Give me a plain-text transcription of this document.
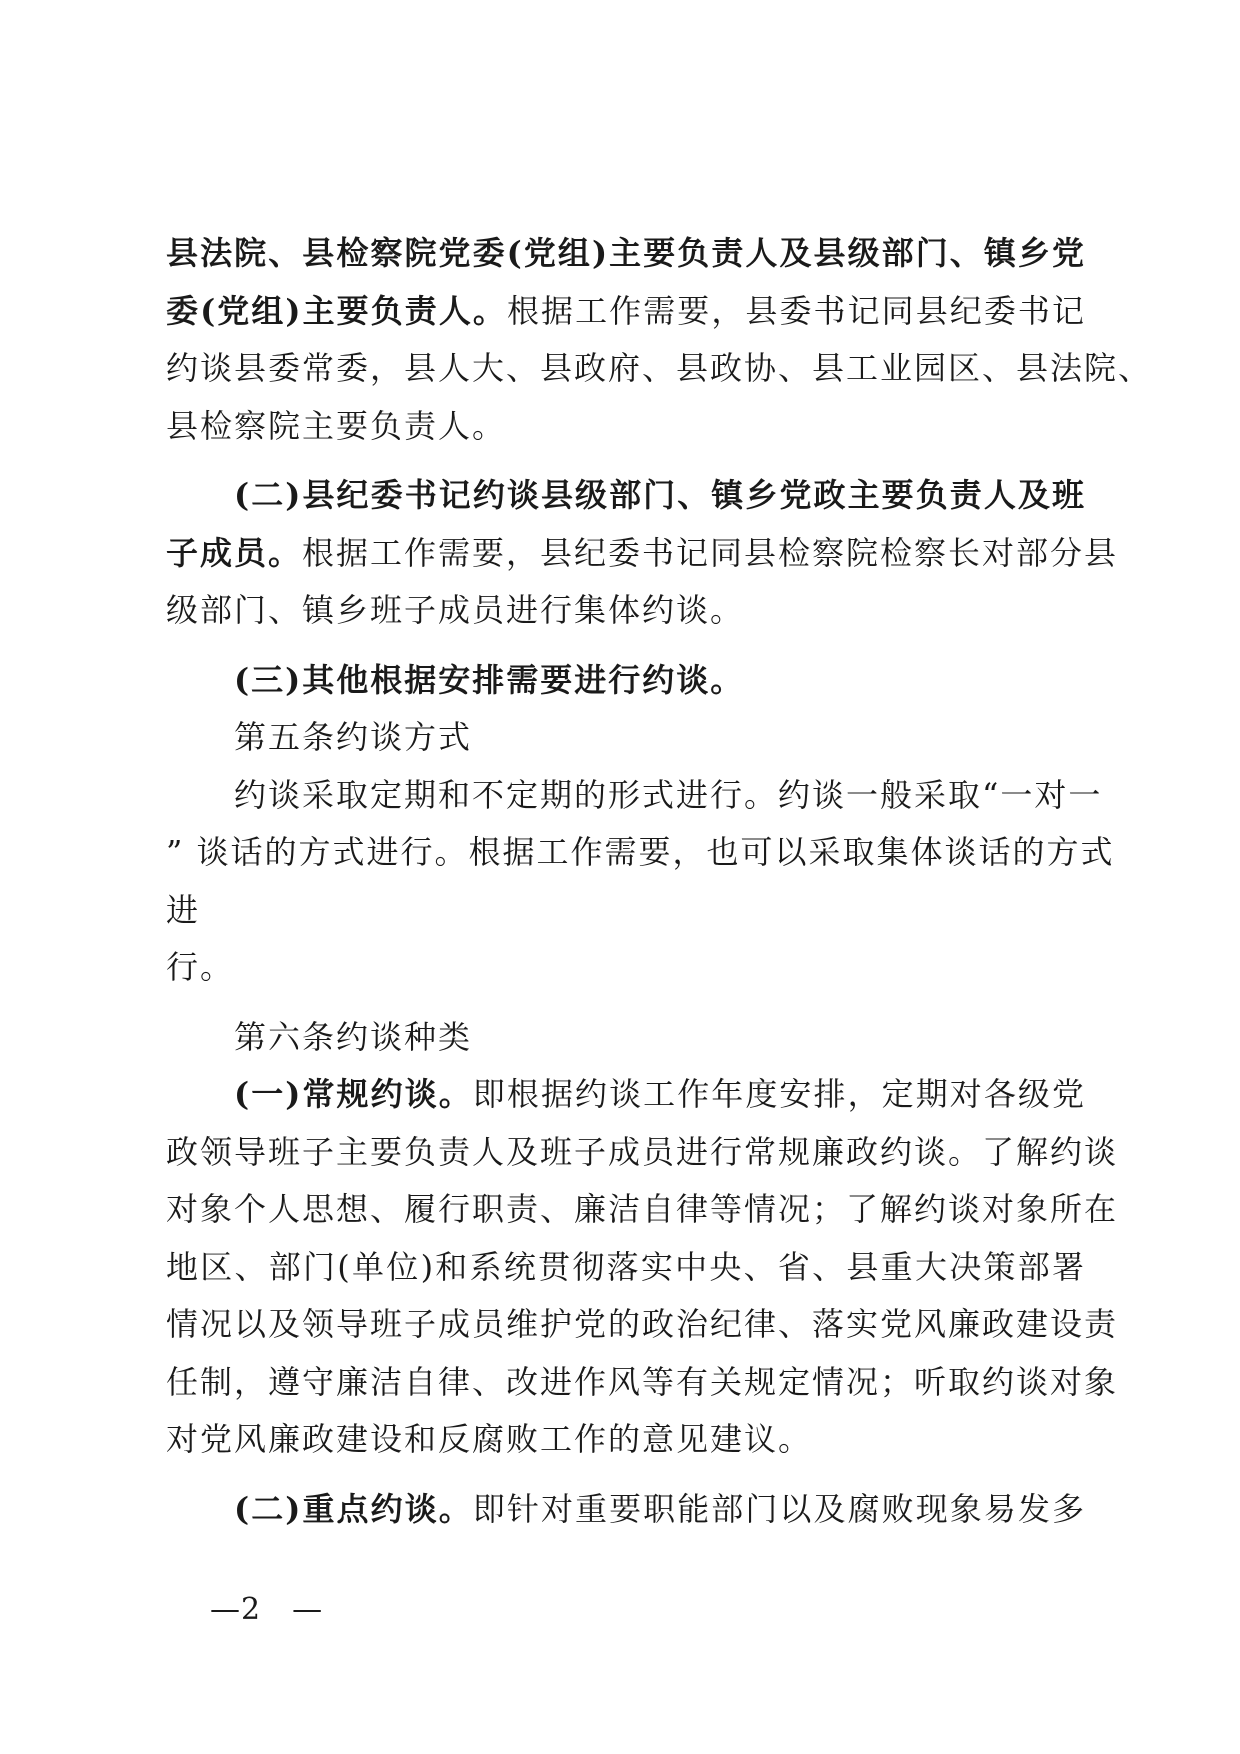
县法院、县检察院党委(党组)主要负责人及县级部门、镇乡党
委(党组)主要负责人。根据工作需要，县委书记同县纪委书记
约谈县委常委，县人大、县政府、县政协、县工业园区、县法院、
县检察院主要负责人。
(二)县纪委书记约谈县级部门、镇乡党政主要负责人及班
子成员。根据工作需要，县纪委书记同县检察院检察长对部分县
级部门、镇乡班子成员进行集体约谈。
(三)其他根据安排需要进行约谈。
第五条约谈方式
约谈采取定期和不定期的形式进行。约谈一般采取“一对一
” 谈话的方式进行。根据工作需要，也可以采取集体谈话的方式
进
行。
第六条约谈种类
(一)常规约谈。即根据约谈工作年度安排，定期对各级党
政领导班子主要负责人及班子成员进行常规廉政约谈。了解约谈
对象个人思想、履行职责、廉洁自律等情况；了解约谈对象所在
地区、部门(单位)和系统贯彻落实中央、省、县重大决策部署
情况以及领导班子成员维护党的政治纪律、落实党风廉政建设责
任制，遵守廉洁自律、改进作风等有关规定情况；听取约谈对象
对党风廉政建设和反腐败工作的意见建议。
(二)重点约谈。即针对重要职能部门以及腐败现象易发多
—2　—
